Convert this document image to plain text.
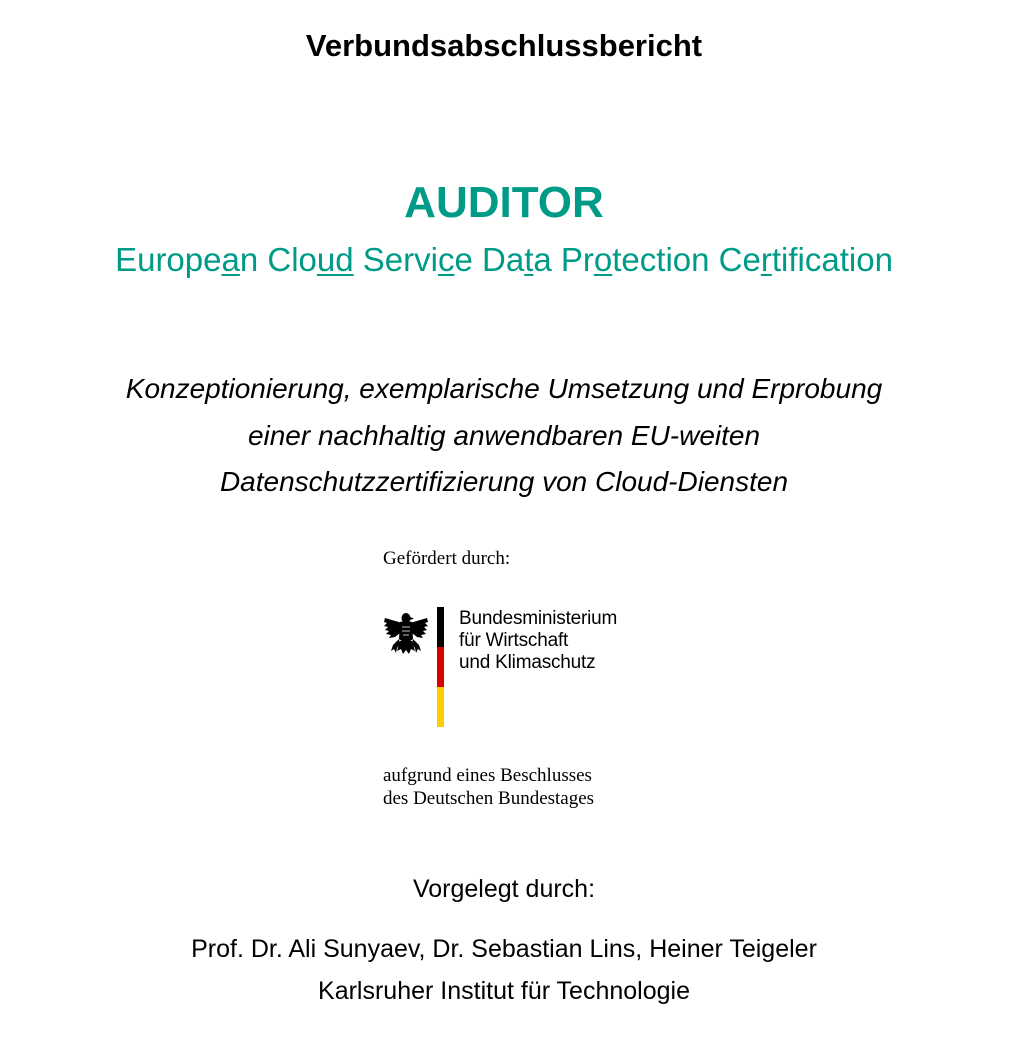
Verbundsabschlussbericht
AUDITOR
European Cloud Service Data Protection Certification
Konzeptionierung, exemplarische Umsetzung und Erprobung
einer nachhaltig anwendbaren EU-weiten
Datenschutzzertifizierung von Cloud-Diensten
Gefördert durch:
Bundesministerium
für Wirtschaft
und Klimaschutz
aufgrund eines Beschlusses
des Deutschen Bundestages
Vorgelegt durch:
Prof. Dr. Ali Sunyaev, Dr. Sebastian Lins, Heiner Teigeler
Karlsruher Institut für Technologie
